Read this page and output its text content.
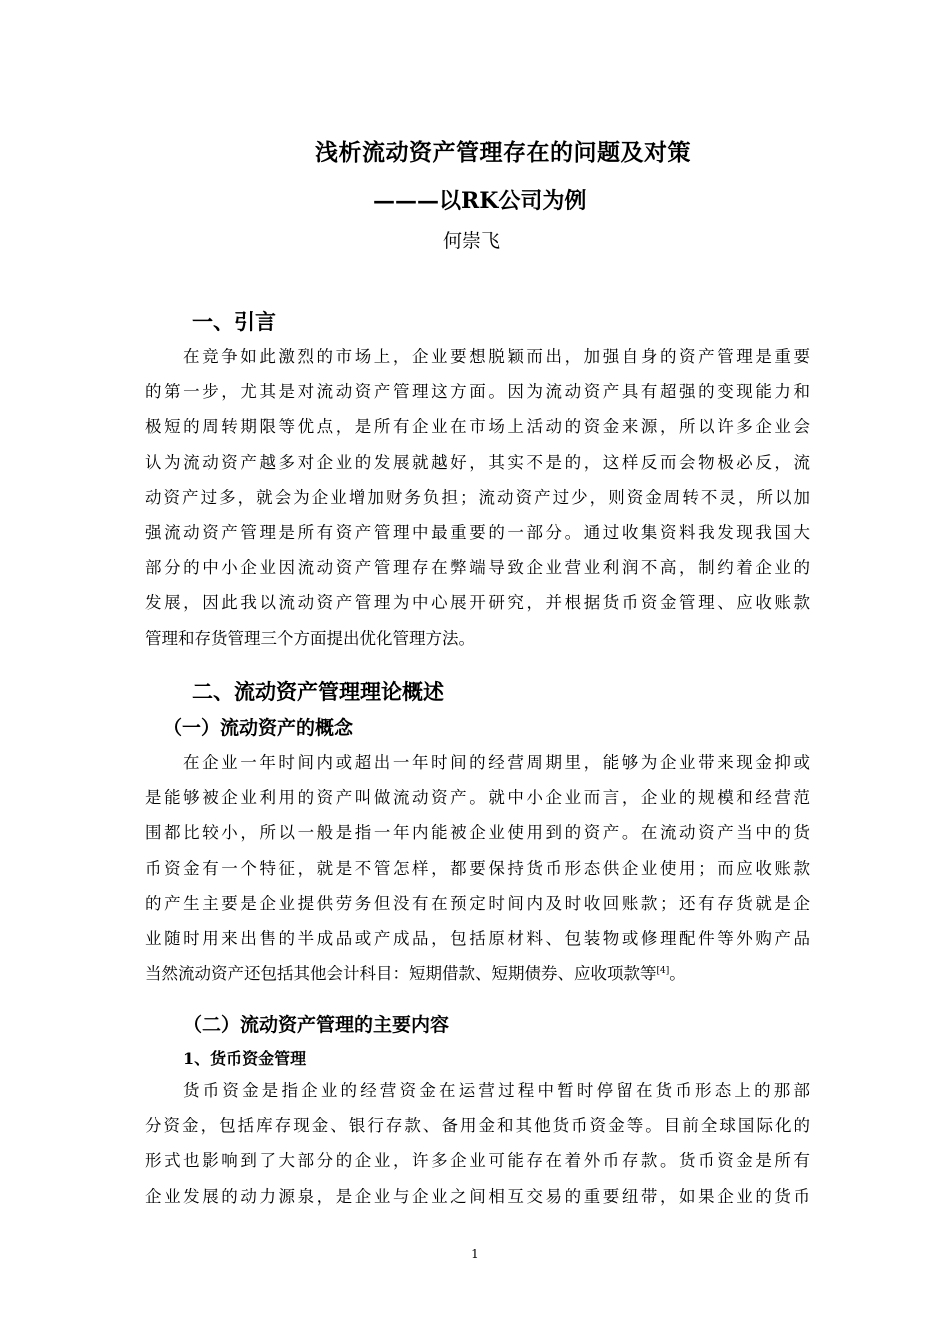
浅析流动资产管理存在的问题及对策
———以RK公司为例
何崇飞
一、引言
在竞争如此激烈的市场上，企业要想脱颖而出，加强自身的资产管理是重要
的第一步，尤其是对流动资产管理这方面。因为流动资产具有超强的变现能力和
极短的周转期限等优点，是所有企业在市场上活动的资金来源，所以许多企业会
认为流动资产越多对企业的发展就越好，其实不是的，这样反而会物极必反，流
动资产过多，就会为企业增加财务负担；流动资产过少，则资金周转不灵，所以加
强流动资产管理是所有资产管理中最重要的一部分。通过收集资料我发现我国大
部分的中小企业因流动资产管理存在弊端导致企业营业利润不高，制约着企业的
发展，因此我以流动资产管理为中心展开研究，并根据货币资金管理、应收账款
管理和存货管理三个方面提出优化管理方法。
二、流动资产管理理论概述
（一）流动资产的概念
在企业一年时间内或超出一年时间的经营周期里，能够为企业带来现金抑或
是能够被企业利用的资产叫做流动资产。就中小企业而言，企业的规模和经营范
围都比较小，所以一般是指一年内能被企业使用到的资产。在流动资产当中的货
币资金有一个特征，就是不管怎样，都要保持货币形态供企业使用；而应收账款
的产生主要是企业提供劳务但没有在预定时间内及时收回账款；还有存货就是企
业随时用来出售的半成品或产成品，包括原材料、包装物或修理配件等外购产品
当然流动资产还包括其他会计科目：短期借款、短期债券、应收项款等[4]。
（二）流动资产管理的主要内容
1、货币资金管理
货币资金是指企业的经营资金在运营过程中暂时停留在货币形态上的那部
分资金，包括库存现金、银行存款、备用金和其他货币资金等。目前全球国际化的
形式也影响到了大部分的企业，许多企业可能存在着外币存款。货币资金是所有
企业发展的动力源泉，是企业与企业之间相互交易的重要纽带，如果企业的货币
1
